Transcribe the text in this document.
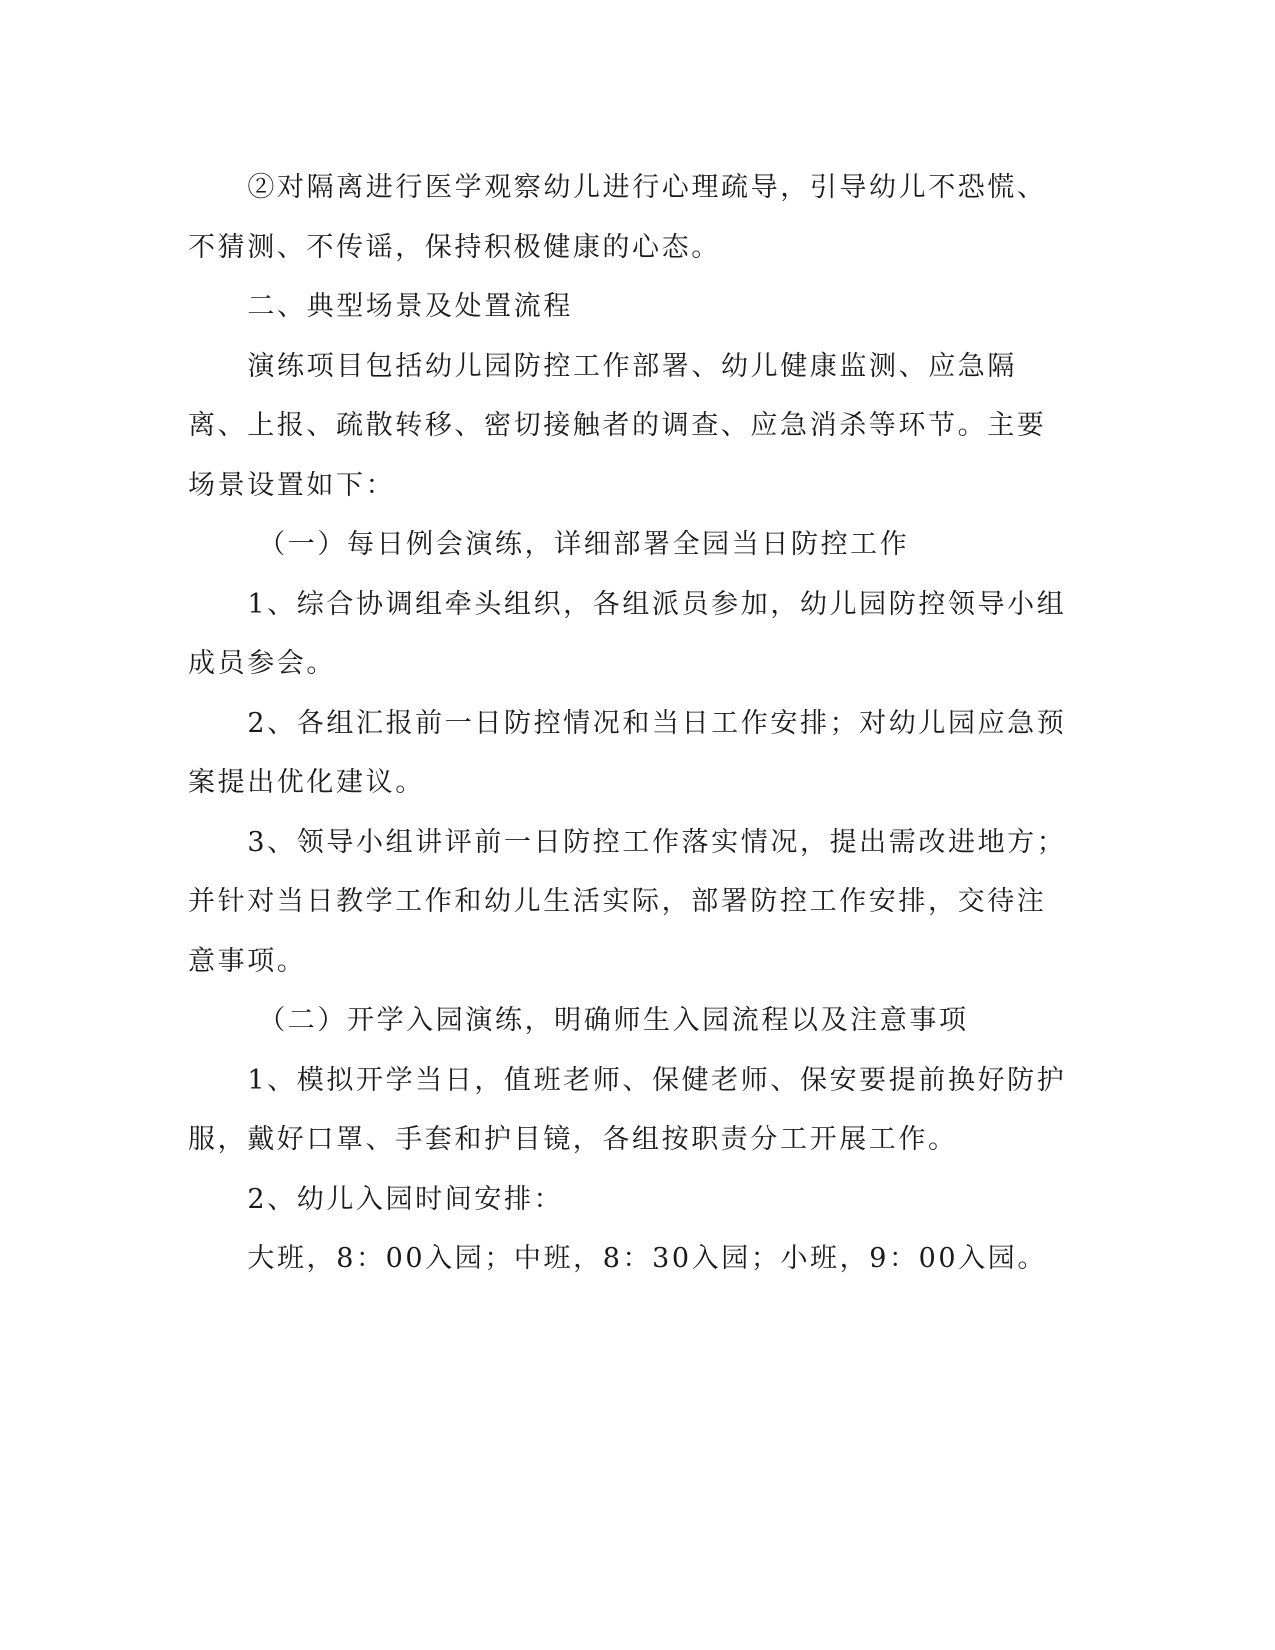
②对隔离进行医学观察幼儿进行心理疏导，引导幼儿不恐慌、不猜测、不传谣，保持积极健康的心态。

二、典型场景及处置流程

演练项目包括幼儿园防控工作部署、幼儿健康监测、应急隔离、上报、疏散转移、密切接触者的调查、应急消杀等环节。主要场景设置如下：

（一）每日例会演练，详细部署全园当日防控工作

1、综合协调组牵头组织，各组派员参加，幼儿园防控领导小组成员参会。

2、各组汇报前一日防控情况和当日工作安排；对幼儿园应急预案提出优化建议。

3、领导小组讲评前一日防控工作落实情况，提出需改进地方；并针对当日教学工作和幼儿生活实际，部署防控工作安排，交待注意事项。

（二）开学入园演练，明确师生入园流程以及注意事项

1、模拟开学当日，值班老师、保健老师、保安要提前换好防护服，戴好口罩、手套和护目镜，各组按职责分工开展工作。

2、幼儿入园时间安排：

大班，8：00入园；中班，8：30入园；小班，9：00入园。
